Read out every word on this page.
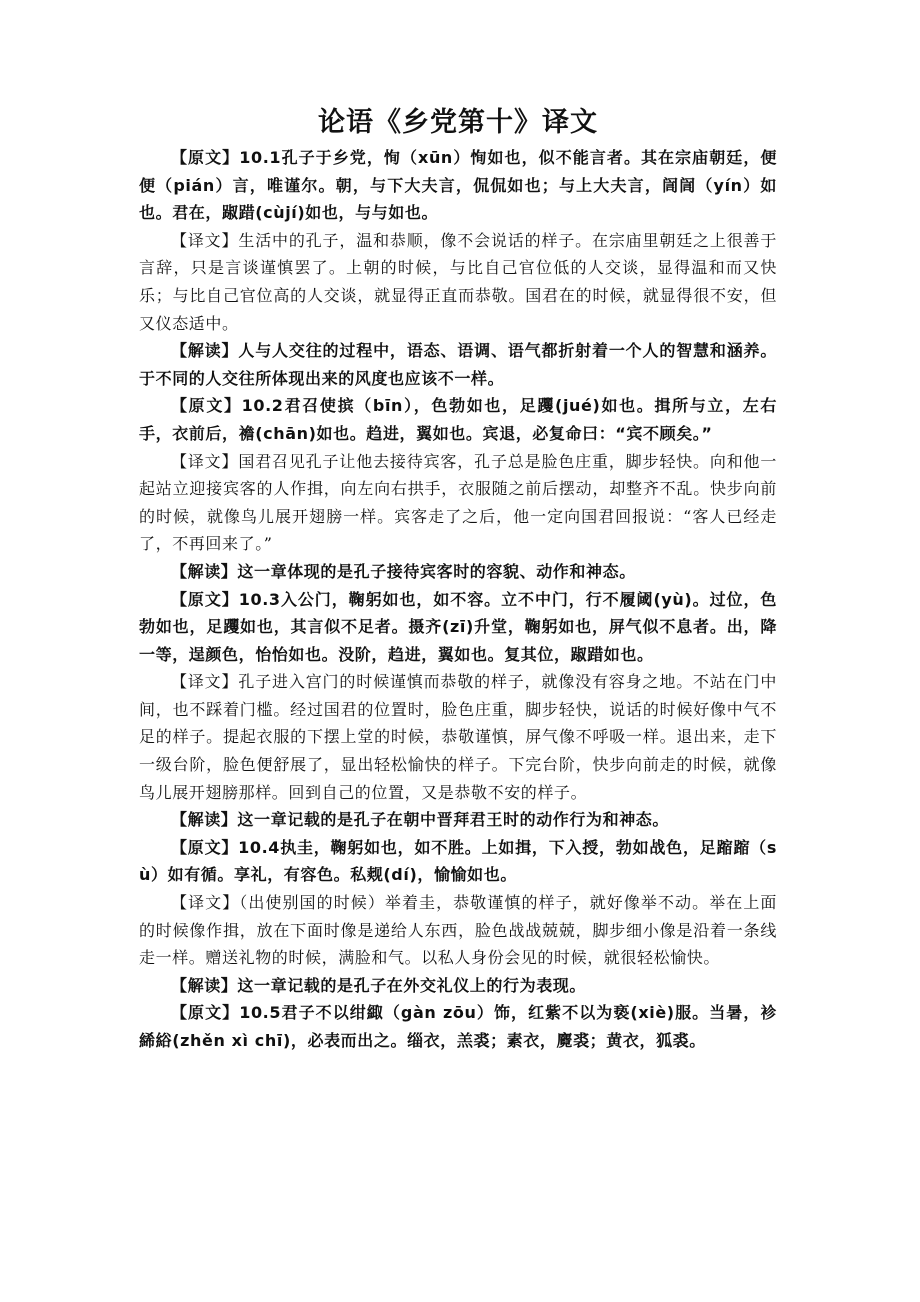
论语《乡党第十》译文

【原文】10.1孔子于乡党，恂（xūn）恂如也，似不能言者。其在宗庙朝廷，便便（pián）言，唯谨尔。朝，与下大夫言，侃侃如也；与上大夫言，訚訚（yín）如也。君在，踧踖(cùjí)如也，与与如也。

【译文】生活中的孔子，温和恭顺，像不会说话的样子。在宗庙里朝廷之上很善于言辞，只是言谈谨慎罢了。上朝的时候，与比自己官位低的人交谈，显得温和而又快乐；与比自己官位高的人交谈，就显得正直而恭敬。国君在的时候，就显得很不安，但又仪态适中。

【解读】人与人交往的过程中，语态、语调、语气都折射着一个人的智慧和涵养。于不同的人交往所体现出来的风度也应该不一样。

【原文】10.2君召使摈（bīn），色勃如也，足躩(jué)如也。揖所与立，左右手，衣前后，襜(chān)如也。趋进，翼如也。宾退，必复命曰：“宾不顾矣。”

【译文】国君召见孔子让他去接待宾客，孔子总是脸色庄重，脚步轻快。向和他一起站立迎接宾客的人作揖，向左向右拱手，衣服随之前后摆动，却整齐不乱。快步向前的时候，就像鸟儿展开翅膀一样。宾客走了之后，他一定向国君回报说：“客人已经走了，不再回来了。”

【解读】这一章体现的是孔子接待宾客时的容貌、动作和神态。

【原文】10.3入公门，鞠躬如也，如不容。立不中门，行不履阈(yù)。过位，色勃如也，足躩如也，其言似不足者。摄齐(zī)升堂，鞠躬如也，屏气似不息者。出，降一等，逞颜色，怡怡如也。没阶，趋进，翼如也。复其位，踧踖如也。

【译文】孔子进入宫门的时候谨慎而恭敬的样子，就像没有容身之地。不站在门中间，也不踩着门槛。经过国君的位置时，脸色庄重，脚步轻快，说话的时候好像中气不足的样子。提起衣服的下摆上堂的时候，恭敬谨慎，屏气像不呼吸一样。退出来，走下一级台阶，脸色便舒展了，显出轻松愉快的样子。下完台阶，快步向前走的时候，就像鸟儿展开翅膀那样。回到自己的位置，又是恭敬不安的样子。

【解读】这一章记载的是孔子在朝中晋拜君王时的动作行为和神态。

【原文】10.4执圭，鞠躬如也，如不胜。上如揖，下入授，勃如战色，足蹜蹜（sù）如有循。享礼，有容色。私觌(dí)，愉愉如也。

【译文】（出使别国的时候）举着圭，恭敬谨慎的样子，就好像举不动。举在上面的时候像作揖，放在下面时像是递给人东西，脸色战战兢兢，脚步细小像是沿着一条线走一样。赠送礼物的时候，满脸和气。以私人身份会见的时候，就很轻松愉快。

【解读】这一章记载的是孔子在外交礼仪上的行为表现。

【原文】10.5君子不以绀緅（gàn zōu）饰，红紫不以为亵(xiè)服。当暑，袗絺綌(zhěn xì chī)，必表而出之。缁衣，羔裘；素衣，麑裘；黄衣，狐裘。
